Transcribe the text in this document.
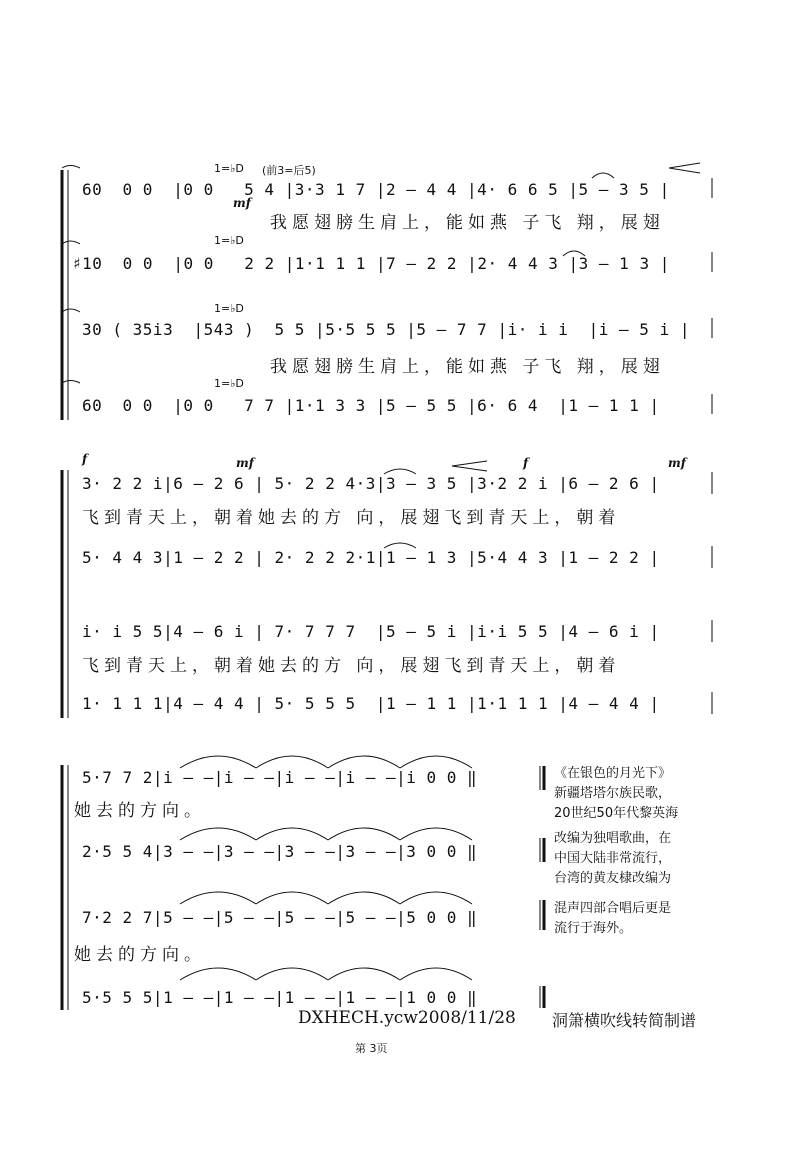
1=♭D (前3=后5)
mf
60  0 0  |0 0   5 4 |3·3 1 7 |2 – 4 4 |4· 6 6 5 |5 – 3 5 |
我愿翅膀生肩上，能如燕 子飞 翔，展翅
1=♭D
♯10  0 0  |0 0   2 2 |1·1 1 1 |7 – 2 2 |2· 4 4 3 |3 – 1 3 |
1=♭D
30 ( 35i3  |543 )  5 5 |5·5 5 5 |5 – 7 7 |i· i i  |i – 5 i |
我愿翅膀生肩上，能如燕 子飞 翔，展翅
1=♭D
60  0 0  |0 0   7 7 |1·1 3 3 |5 – 5 5 |6· 6 4  |1 – 1 1 |
f	mf	f	mf
3· 2 2 i|6 – 2 6 | 5· 2 2 4·3|3 – 3 5 |3·2 2 i |6 – 2 6 |
飞到青天上，朝着她去的方 向，展翅飞到青天上，朝着
5· 4 4 3|1 – 2 2 | 2· 2 2 2·1|1 – 1 3 |5·4 4 3 |1 – 2 2 |
i· i 5 5|4 – 6 i | 7· 7 7 7  |5 – 5 i |i·i 5 5 |4 – 6 i |
飞到青天上，朝着她去的方 向，展翅飞到青天上，朝着
1· 1 1 1|4 – 4 4 | 5· 5 5 5  |1 – 1 1 |1·1 1 1 |4 – 4 4 |
5·7 7 2|i – –|i – –|i – –|i – –|i 0 0 ‖
她去的方向。
2·5 5 4|3 – –|3 – –|3 – –|3 – –|3 0 0 ‖
7·2 2 7|5 – –|5 – –|5 – –|5 – –|5 0 0 ‖
她去的方向。
5·5 5 5|1 – –|1 – –|1 – –|1 – –|1 0 0 ‖
《在银色的月光下》
新疆塔塔尔族民歌，
20世纪50年代黎英海
改编为独唱歌曲，在
中国大陆非常流行，
台湾的黄友棣改编为
混声四部合唱后更是
流行于海外。
DXHECH.ycw2008/11/28 洞箫横吹线转简制谱
第 3页
